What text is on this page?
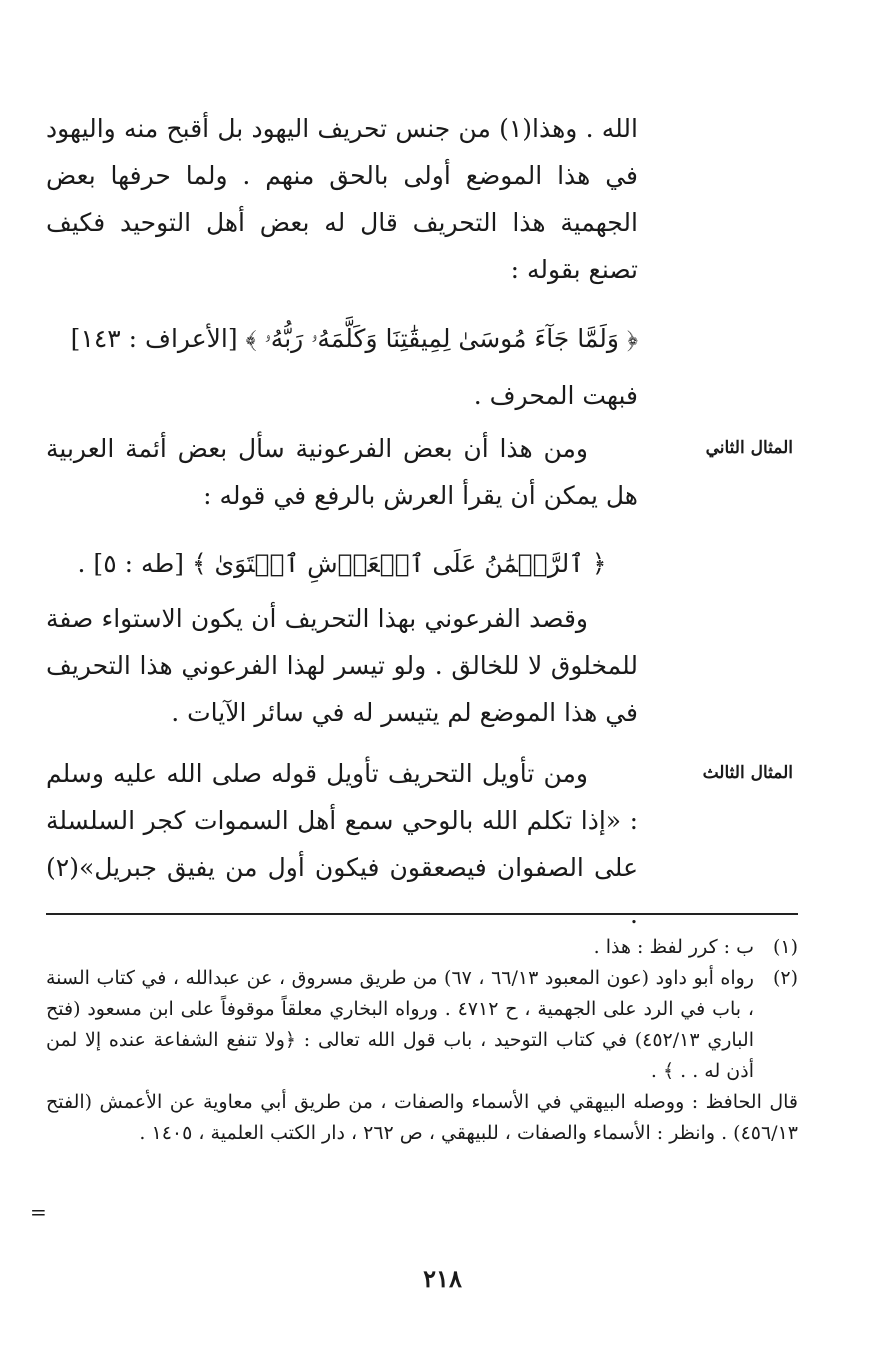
الله . وهذا(١) من جنس تحريف اليهود بل أقبح منه واليهود في هذا الموضع أولى بالحق منهم . ولما حرفها بعض الجهمية هذا التحريف قال له بعض أهل التوحيد فكيف تصنع بقوله :

﴿ وَلَمَّا جَآءَ مُوسَىٰ لِمِيقَٰتِنَا وَكَلَّمَهُۥ رَبُّهُۥ ﴾ [الأعراف : ١٤٣]

فبهت المحرف .

المثال الثاني

ومن هذا أن بعض الفرعونية سأل بعض أئمة العربية هل يمكن أن يقرأ العرش بالرفع في قوله :

﴿ ٱلرَّحۡمَٰنُ عَلَى ٱلۡعَرۡشِ ٱسۡتَوَىٰ ﴾ [طه : ٥] .

وقصد الفرعوني بهذا التحريف أن يكون الاستواء صفة للمخلوق لا للخالق . ولو تيسر لهذا الفرعوني هذا التحريف في هذا الموضع لم يتيسر له في سائر الآيات .

المثال الثالث

ومن تأويل التحريف تأويل قوله صلى الله عليه وسلم : «إذا تكلم الله بالوحي سمع أهل السموات كجر السلسلة على الصفوان فيصعقون فيكون أول من يفيق جبريل»(٢) .

(١)
ب : كرر لفظ : هذا .
(٢)
رواه أبو داود (عون المعبود ٦٦/١٣ ، ٦٧) من طريق مسروق ، عن عبدالله ، في كتاب السنة ، باب في الرد على الجهمية ، ح ٤٧١٢ . ورواه البخاري معلقاً موقوفاً على ابن مسعود (فتح الباري ٤٥٢/١٣) في كتاب التوحيد ، باب قول الله تعالى : ﴿ولا تنفع الشفاعة عنده إلا لمن أذن له . . ﴾ .

قال الحافظ : ووصله البيهقي في الأسماء والصفات ، من طريق أبي معاوية عن الأعمش (الفتح ٤٥٦/١٣) . وانظر : الأسماء والصفات ، للبيهقي ، ص ٢٦٢ ، دار الكتب العلمية ، ١٤٠٥ .

=
٢١٨
